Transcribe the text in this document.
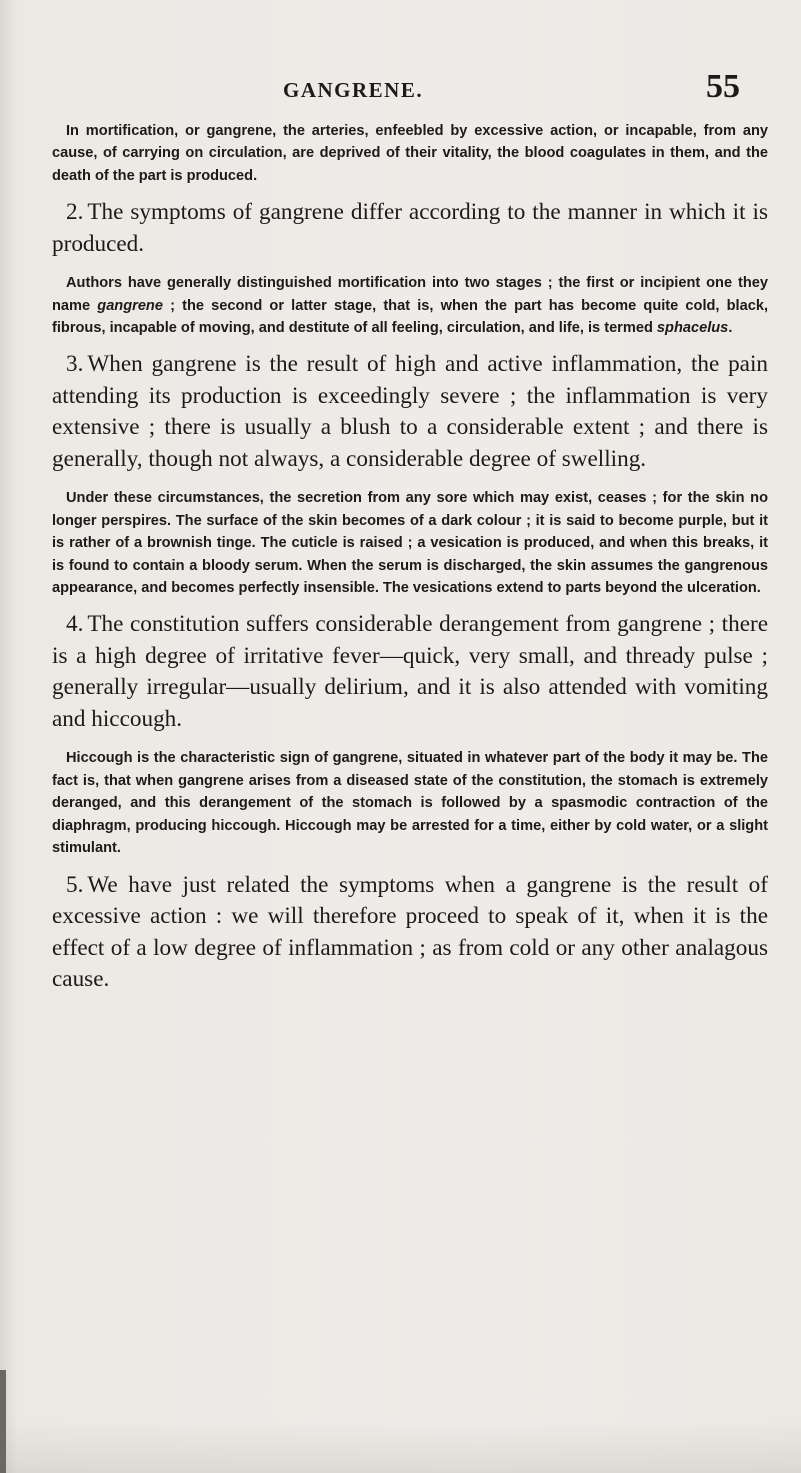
GANGRENE.	55

In mortification, or gangrene, the arteries, enfeebled by excessive action, or incapable, from any cause, of carrying on circulation, are deprived of their vitality, the blood coagulates in them, and the death of the part is produced.

2. The symptoms of gangrene differ according to the manner in which it is produced.

Authors have generally distinguished mortification into two stages ; the first or incipient one they name gangrene ; the second or latter stage, that is, when the part has become quite cold, black, fibrous, incapable of moving, and destitute of all feeling, circulation, and life, is termed sphacelus.

3. When gangrene is the result of high and active inflammation, the pain attending its production is exceedingly severe ; the inflammation is very extensive ; there is usually a blush to a considerable extent ; and there is generally, though not always, a considerable degree of swelling.

Under these circumstances, the secretion from any sore which may exist, ceases ; for the skin no longer perspires. The surface of the skin becomes of a dark colour ; it is said to become purple, but it is rather of a brownish tinge. The cuticle is raised ; a vesication is produced, and when this breaks, it is found to contain a bloody serum. When the serum is discharged, the skin assumes the gangrenous appearance, and becomes perfectly insensible. The vesications extend to parts beyond the ulceration.

4. The constitution suffers considerable derangement from gangrene ; there is a high degree of irritative fever—quick, very small, and thready pulse ; generally irregular—usually delirium, and it is also attended with vomiting and hiccough.

Hiccough is the characteristic sign of gangrene, situated in whatever part of the body it may be. The fact is, that when gangrene arises from a diseased state of the constitution, the stomach is extremely deranged, and this derangement of the stomach is followed by a spasmodic contraction of the diaphragm, producing hiccough. Hiccough may be arrested for a time, either by cold water, or a slight stimulant.

5. We have just related the symptoms when a gangrene is the result of excessive action : we will therefore proceed to speak of it, when it is the effect of a low degree of inflammation ; as from cold or any other analagous cause.
